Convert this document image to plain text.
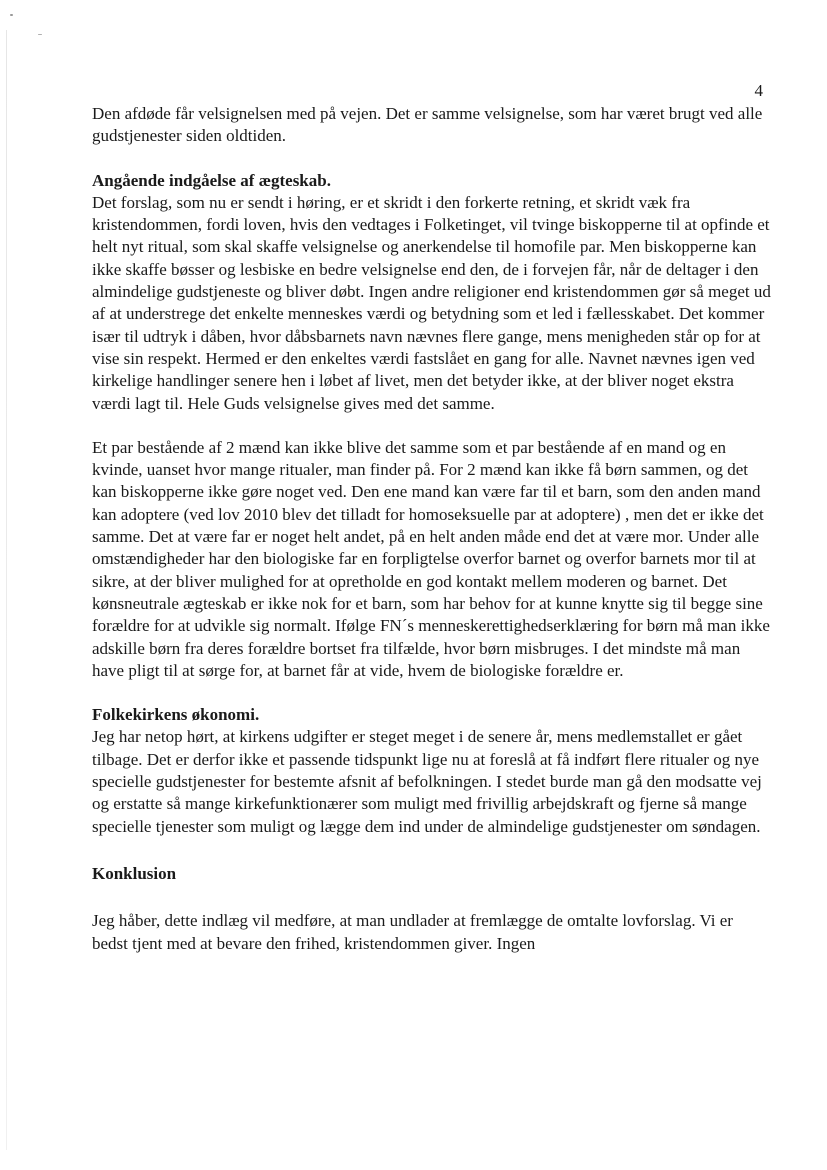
4

Den afdøde får velsignelsen med på vejen. Det er samme velsignelse, som har været brugt ved alle gudstjenester siden oldtiden.

Angående indgåelse af ægteskab.

Det forslag, som nu er sendt i høring, er et skridt i den forkerte retning, et skridt væk fra kristendommen, fordi loven, hvis den vedtages i Folketinget, vil tvinge biskopperne til at opfinde et helt nyt ritual, som skal skaffe velsignelse og anerkendelse til homofile par. Men biskopperne kan ikke skaffe bøsser og lesbiske en bedre velsignelse end den, de i forvejen får, når de deltager i den almindelige gudstjeneste og bliver døbt. Ingen andre religioner end kristendommen gør så meget ud af at understrege det enkelte menneskes værdi og betydning som et led i fællesskabet. Det kommer især til udtryk i dåben, hvor dåbsbarnets navn nævnes flere gange, mens menigheden står op for at vise sin respekt. Hermed er den enkeltes værdi fastslået en gang for alle. Navnet nævnes igen ved kirkelige handlinger senere hen i løbet af livet, men det betyder ikke, at der bliver noget ekstra værdi lagt til. Hele Guds velsignelse gives med det samme.

Et par bestående af 2 mænd kan ikke blive det samme som et par bestående af en mand og en kvinde, uanset hvor mange ritualer, man finder på. For 2 mænd kan ikke få børn sammen, og det kan biskopperne ikke gøre noget ved. Den ene mand kan være far til et barn, som den anden mand kan adoptere (ved lov 2010 blev det tilladt for homoseksuelle par at adoptere) , men det er ikke det samme. Det at være far er noget helt andet, på en helt anden måde end det at være mor. Under alle omstændigheder har den biologiske far en forpligtelse overfor barnet og overfor barnets mor til at sikre, at der bliver mulighed for at opretholde en god kontakt mellem moderen og barnet. Det kønsneutrale ægteskab er ikke nok for et barn, som har behov for at kunne knytte sig til begge sine forældre for at udvikle sig normalt. Ifølge FN´s menneskerettighedserklæring for børn må man ikke adskille børn fra deres forældre bortset fra tilfælde, hvor børn misbruges. I det mindste må man have pligt til at sørge for, at barnet får at vide, hvem de biologiske forældre er.

Folkekirkens økonomi.

Jeg har netop hørt, at kirkens udgifter er steget meget i de senere år, mens medlemstallet er gået tilbage. Det er derfor ikke et passende tidspunkt lige nu at foreslå at få indført flere ritualer og nye specielle gudstjenester for bestemte afsnit af befolkningen. I stedet burde man gå den modsatte vej og erstatte så mange kirkefunktionærer som muligt med frivillig arbejdskraft og fjerne så mange specielle tjenester som muligt og lægge dem ind under de almindelige gudstjenester om søndagen.

Konklusion

Jeg håber, dette indlæg vil medføre, at man undlader at fremlægge de omtalte lovforslag. Vi er bedst tjent med at bevare den frihed, kristendommen giver. Ingen
